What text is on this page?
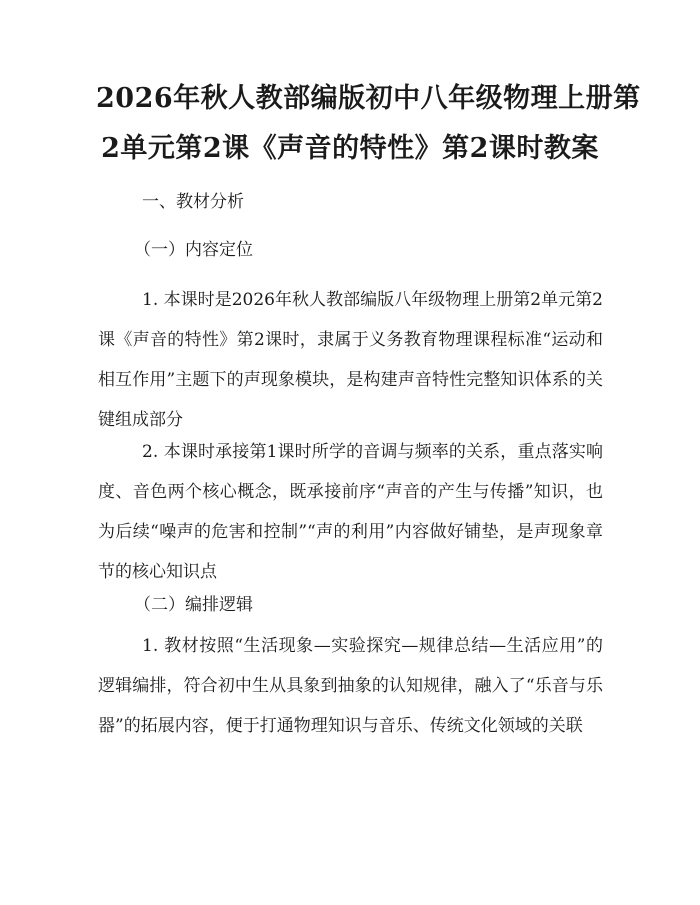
2026年秋人教部编版初中八年级物理上册第
2单元第2课《声音的特性》第2课时教案
一、教材分析
（一）内容定位
1. 本课时是2026年秋人教部编版八年级物理上册第2单元第2课《声音的特性》第2课时，隶属于义务教育物理课程标准“运动和相互作用”主题下的声现象模块，是构建声音特性完整知识体系的关键组成部分
2. 本课时承接第1课时所学的音调与频率的关系，重点落实响度、音色两个核心概念，既承接前序“声音的产生与传播”知识，也为后续“噪声的危害和控制”“声的利用”内容做好铺垫，是声现象章节的核心知识点
（二）编排逻辑
1. 教材按照“生活现象—实验探究—规律总结—生活应用”的逻辑编排，符合初中生从具象到抽象的认知规律，融入了“乐音与乐器”的拓展内容，便于打通物理知识与音乐、传统文化领域的关联
